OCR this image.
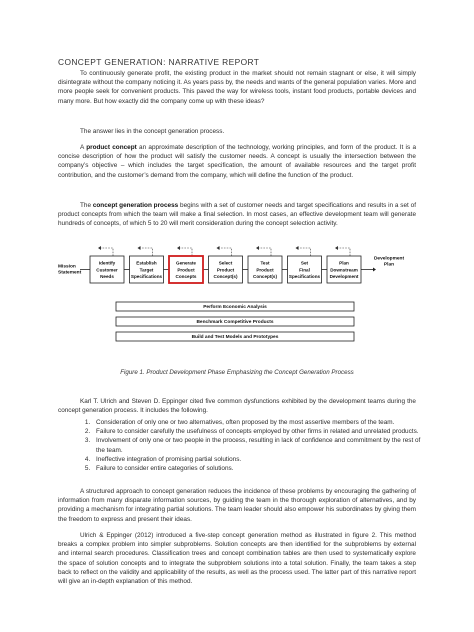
CONCEPT GENERATION: NARRATIVE REPORT

To continuously generate profit, the existing product in the market should not remain stagnant or else, it will simply disintegrate without the company noticing it. As years pass by, the needs and wants of the general population varies. More and more people seek for convenient products. This paved the way for wireless tools, instant food products, portable devices and many more. But how exactly did the company come up with these ideas?

The answer lies in the concept generation process.

A product concept an approximate description of the technology, working principles, and form of the product. It is a concise description of how the product will satisfy the customer needs. A concept is usually the intersection between the company’s objective – which includes the target specification, the amount of available resources and the target profit contribution, and the customer’s demand from the company, which will define the function of the product.

The concept generation process begins with a set of customer needs and target specifications and results in a set of product concepts from which the team will make a final selection. In most cases, an effective development team will generate hundreds of concepts, of which 5 to 20 will merit consideration during the concept selection activity.

Identify
Customer
Needs
Establish
Target
Specifications
Generate
Product
Concepts
Select
Product
Concept(s)
Test
Product
Concept(s)
Set
Final
Specifications
Plan
Downstream
Development
Mission
Statement
Development
Plan
Perform Economic Analysis
Benchmark Competitive Products
Build and Test Models and Prototypes
Figure 1. Product Development Phase Emphasizing the Concept Generation Process

Karl T. Ulrich and Steven D. Eppinger cited five common dysfunctions exhibited by the development teams during the concept generation process. It includes the following.

1. Consideration of only one or two alternatives, often proposed by the most assertive members of the team.
2. Failure to consider carefully the usefulness of concepts employed by other firms in related and unrelated products.
3. Involvement of only one or two people in the process, resulting in lack of confidence and commitment by the rest of the team.
4. Ineffective integration of promising partial solutions.
5. Failure to consider entire categories of solutions.

A structured approach to concept generation reduces the incidence of these problems by encouraging the gathering of information from many disparate information sources, by guiding the team in the thorough exploration of alternatives, and by providing a mechanism for integrating partial solutions. The team leader should also empower his subordinates by giving them the freedom to express and present their ideas.

Ulrich & Eppinger (2012) introduced a five-step concept generation method as illustrated in figure 2. This method breaks a complex problem into simpler subproblems. Solution concepts are then identified for the subproblems by external and internal search procedures. Classification trees and concept combination tables are then used to systematically explore the space of solution concepts and to integrate the subproblem solutions into a total solution. Finally, the team takes a step back to reflect on the validity and applicability of the results, as well as the process used. The latter part of this narrative report will give an in-depth explanation of this method.
